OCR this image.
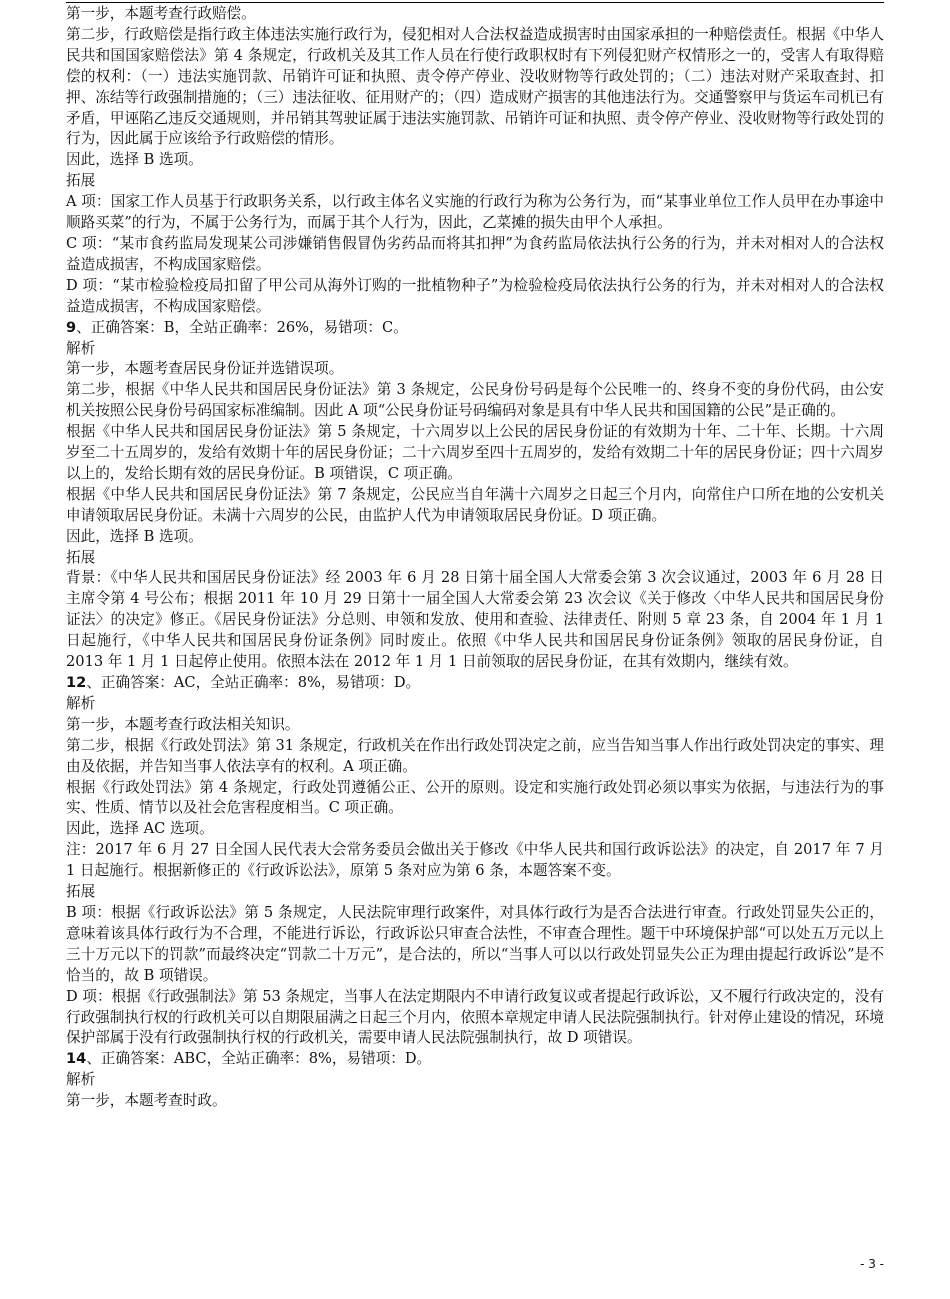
第一步，本题考查行政赔偿。

第二步，行政赔偿是指行政主体违法实施行政行为，侵犯相对人合法权益造成损害时由国家承担的一种赔偿责任。根据《中华人民共和国国家赔偿法》第 4 条规定，行政机关及其工作人员在行使行政职权时有下列侵犯财产权情形之一的，受害人有取得赔偿的权利：（一）违法实施罚款、吊销许可证和执照、责令停产停业、没收财物等行政处罚的；（二）违法对财产采取查封、扣押、冻结等行政强制措施的；（三）违法征收、征用财产的；（四）造成财产损害的其他违法行为。交通警察甲与货运车司机已有矛盾，甲诬陷乙违反交通规则，并吊销其驾驶证属于违法实施罚款、吊销许可证和执照、责令停产停业、没收财物等行政处罚的行为，因此属于应该给予行政赔偿的情形。

因此，选择 B 选项。

拓展

A 项：国家工作人员基于行政职务关系，以行政主体名义实施的行政行为称为公务行为，而“某事业单位工作人员甲在办事途中顺路买菜”的行为，不属于公务行为，而属于其个人行为，因此，乙菜摊的损失由甲个人承担。

C 项：“某市食药监局发现某公司涉嫌销售假冒伪劣药品而将其扣押”为食药监局依法执行公务的行为，并未对相对人的合法权益造成损害，不构成国家赔偿。

D 项：“某市检验检疫局扣留了甲公司从海外订购的一批植物种子”为检验检疫局依法执行公务的行为，并未对相对人的合法权益造成损害，不构成国家赔偿。

9、正确答案：B，全站正确率：26%，易错项：C。

解析

第一步，本题考查居民身份证并选错误项。

第二步，根据《中华人民共和国居民身份证法》第 3 条规定，公民身份号码是每个公民唯一的、终身不变的身份代码，由公安机关按照公民身份号码国家标准编制。因此 A 项“公民身份证号码编码对象是具有中华人民共和国国籍的公民”是正确的。

根据《中华人民共和国居民身份证法》第 5 条规定，十六周岁以上公民的居民身份证的有效期为十年、二十年、长期。十六周岁至二十五周岁的，发给有效期十年的居民身份证；二十六周岁至四十五周岁的，发给有效期二十年的居民身份证；四十六周岁以上的，发给长期有效的居民身份证。B 项错误，C 项正确。

根据《中华人民共和国居民身份证法》第 7 条规定，公民应当自年满十六周岁之日起三个月内，向常住户口所在地的公安机关申请领取居民身份证。未满十六周岁的公民，由监护人代为申请领取居民身份证。D 项正确。

因此，选择 B 选项。

拓展

背景：《中华人民共和国居民身份证法》经 2003 年 6 月 28 日第十届全国人大常委会第 3 次会议通过，2003 年 6 月 28 日主席令第 4 号公布；根据 2011 年 10 月 29 日第十一届全国人大常委会第 23 次会议《关于修改〈中华人民共和国居民身份证法〉的决定》修正。《居民身份证法》分总则、申领和发放、使用和查验、法律责任、附则 5 章 23 条，自 2004 年 1 月 1 日起施行，《中华人民共和国居民身份证条例》同时废止。依照《中华人民共和国居民身份证条例》领取的居民身份证，自 2013 年 1 月 1 日起停止使用。依照本法在 2012 年 1 月 1 日前领取的居民身份证，在其有效期内，继续有效。

12、正确答案：AC，全站正确率：8%，易错项：D。

解析

第一步，本题考查行政法相关知识。

第二步，根据《行政处罚法》第 31 条规定，行政机关在作出行政处罚决定之前，应当告知当事人作出行政处罚决定的事实、理由及依据，并告知当事人依法享有的权利。A 项正确。

根据《行政处罚法》第 4 条规定，行政处罚遵循公正、公开的原则。设定和实施行政处罚必须以事实为依据，与违法行为的事实、性质、情节以及社会危害程度相当。C 项正确。

因此，选择 AC 选项。

注：2017 年 6 月 27 日全国人民代表大会常务委员会做出关于修改《中华人民共和国行政诉讼法》的决定，自 2017 年 7 月 1 日起施行。根据新修正的《行政诉讼法》，原第 5 条对应为第 6 条，本题答案不变。

拓展

B 项：根据《行政诉讼法》第 5 条规定，人民法院审理行政案件，对具体行政行为是否合法进行审查。行政处罚显失公正的，意味着该具体行政行为不合理，不能进行诉讼，行政诉讼只审查合法性，不审查合理性。题干中环境保护部“可以处五万元以上三十万元以下的罚款”而最终决定“罚款二十万元”，是合法的，所以“当事人可以以行政处罚显失公正为理由提起行政诉讼”是不恰当的，故 B 项错误。

D 项：根据《行政强制法》第 53 条规定，当事人在法定期限内不申请行政复议或者提起行政诉讼，又不履行行政决定的，没有行政强制执行权的行政机关可以自期限届满之日起三个月内，依照本章规定申请人民法院强制执行。针对停止建设的情况，环境保护部属于没有行政强制执行权的行政机关，需要申请人民法院强制执行，故 D 项错误。

14、正确答案：ABC，全站正确率：8%，易错项：D。

解析

第一步，本题考查时政。

- 3 -
